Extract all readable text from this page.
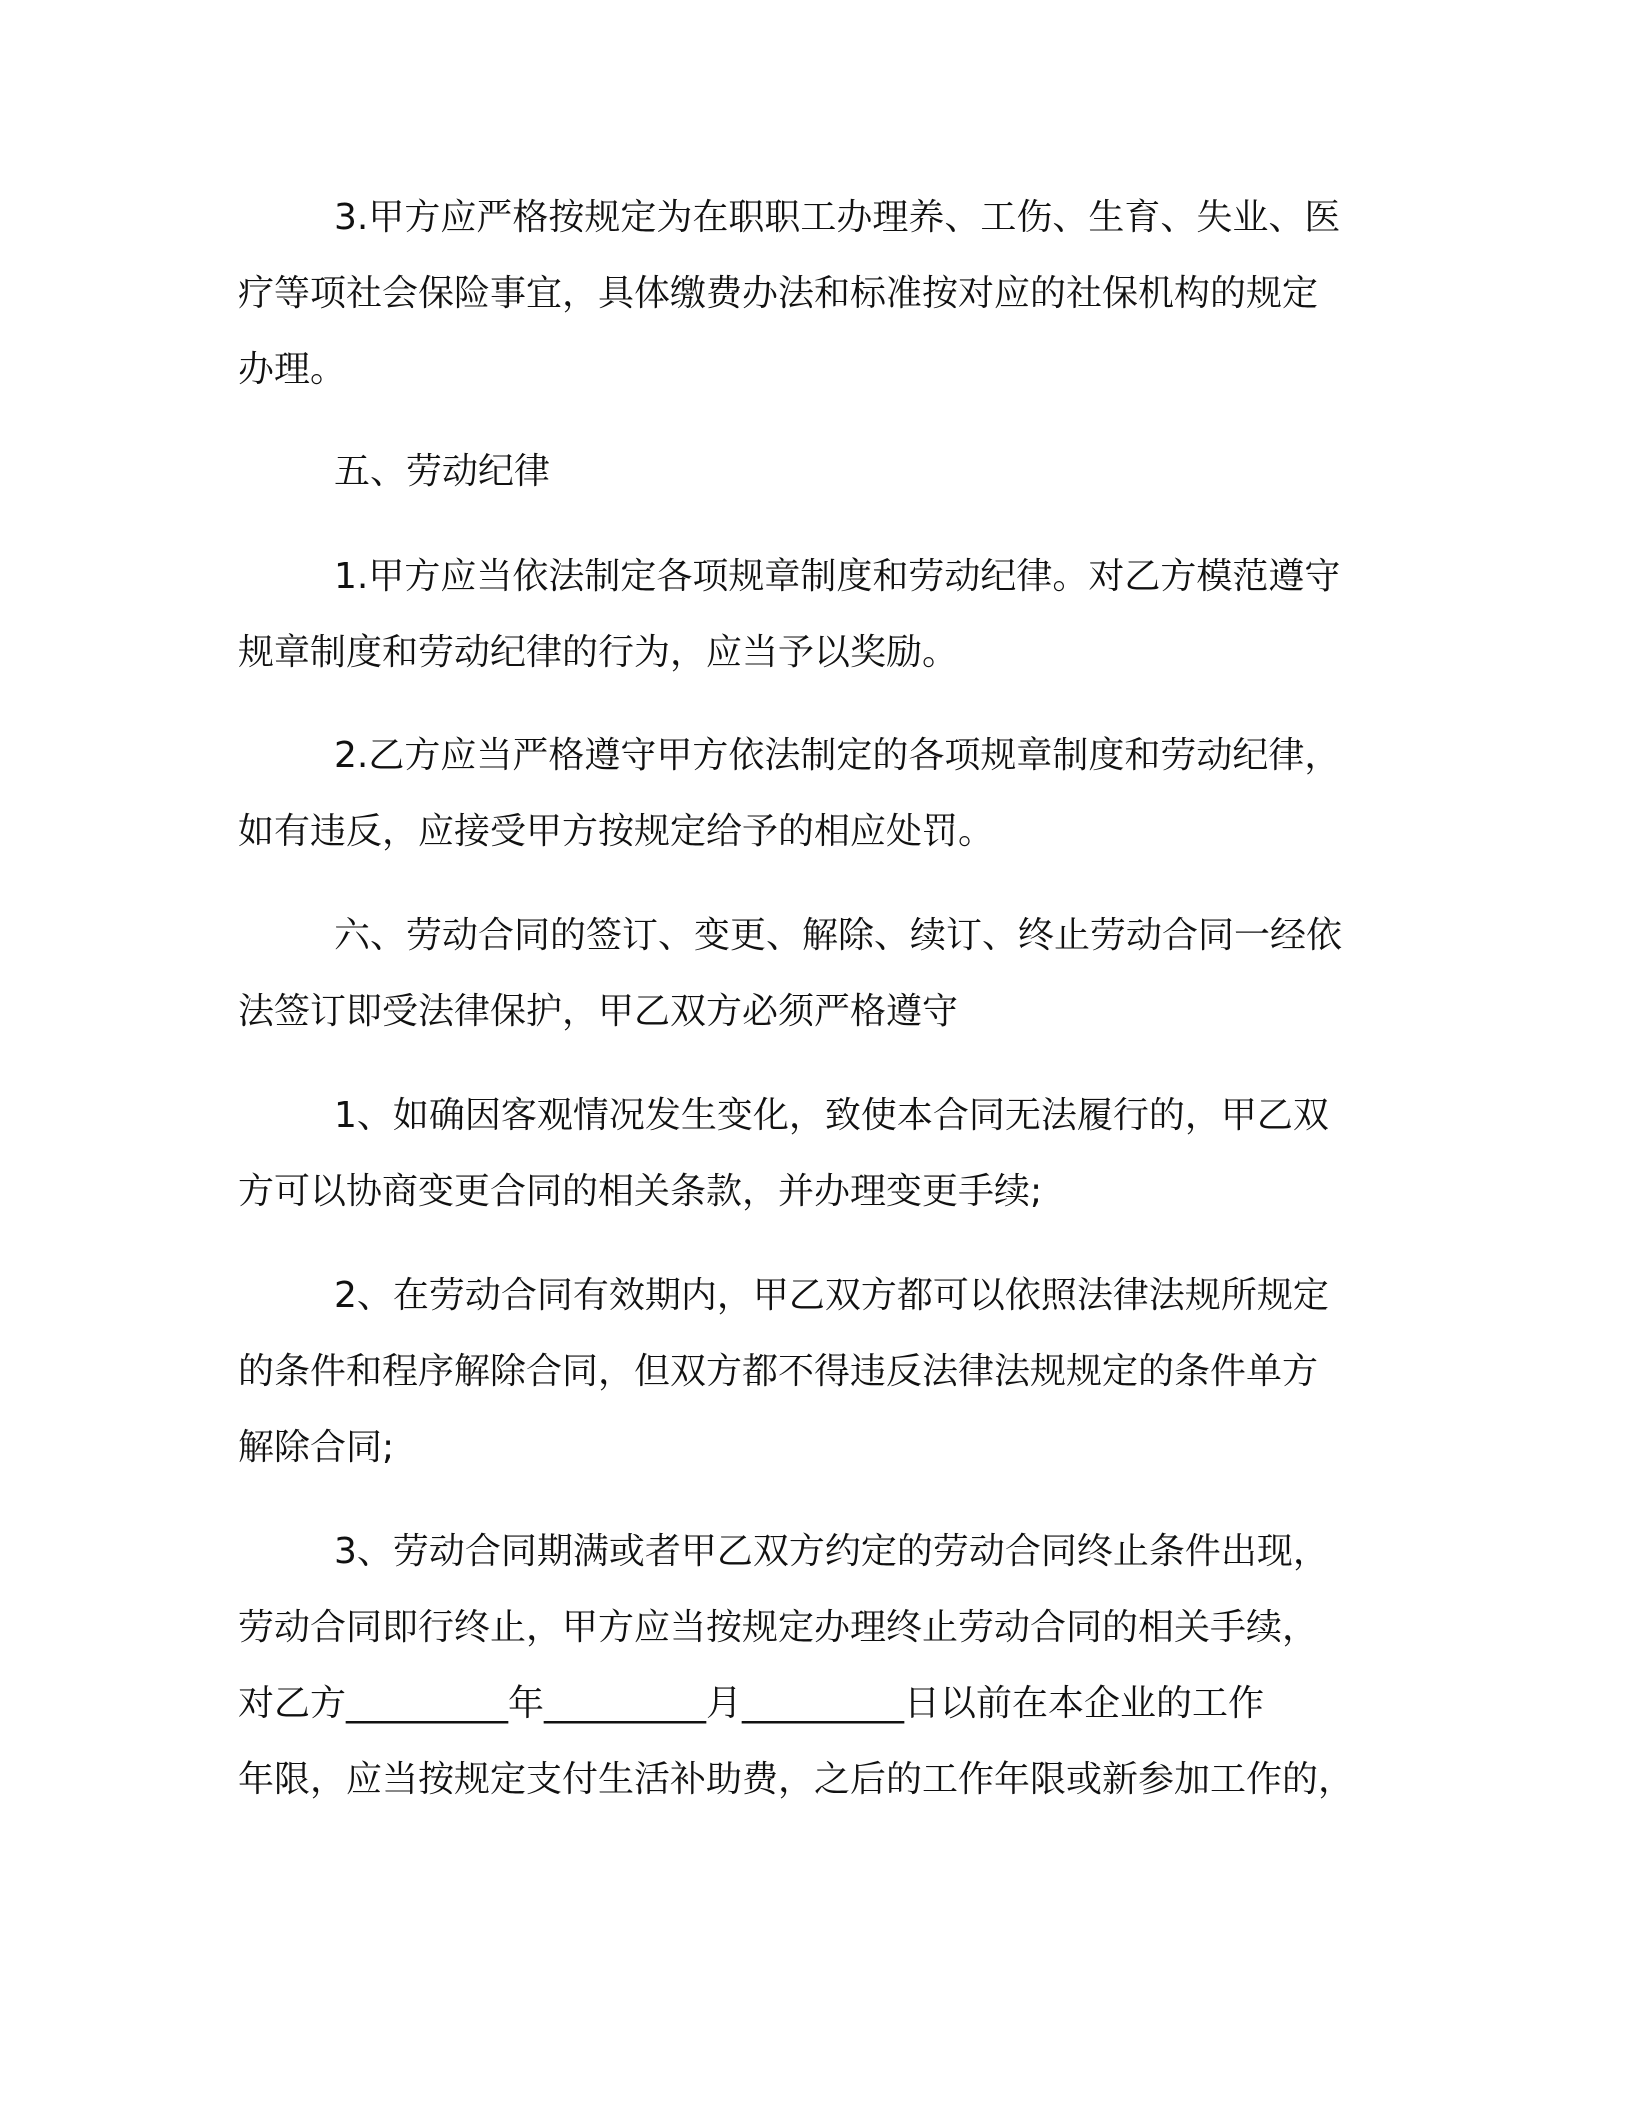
3.甲方应严格按规定为在职职工办理养、工伤、生育、失业、医
疗等项社会保险事宜，具体缴费办法和标准按对应的社保机构的规定
办理。
五、劳动纪律
1.甲方应当依法制定各项规章制度和劳动纪律。对乙方模范遵守
规章制度和劳动纪律的行为，应当予以奖励。
2.乙方应当严格遵守甲方依法制定的各项规章制度和劳动纪律，
如有违反，应接受甲方按规定给予的相应处罚。
六、劳动合同的签订、变更、解除、续订、终止劳动合同一经依
法签订即受法律保护，甲乙双方必须严格遵守
1、如确因客观情况发生变化，致使本合同无法履行的，甲乙双
方可以协商变更合同的相关条款，并办理变更手续;
2、在劳动合同有效期内，甲乙双方都可以依照法律法规所规定
的条件和程序解除合同，但双方都不得违反法律法规规定的条件单方
解除合同;
3、劳动合同期满或者甲乙双方约定的劳动合同终止条件出现，
劳动合同即行终止，甲方应当按规定办理终止劳动合同的相关手续，
对乙方_________年_________月_________日以前在本企业的工作
年限，应当按规定支付生活补助费，之后的工作年限或新参加工作的，
